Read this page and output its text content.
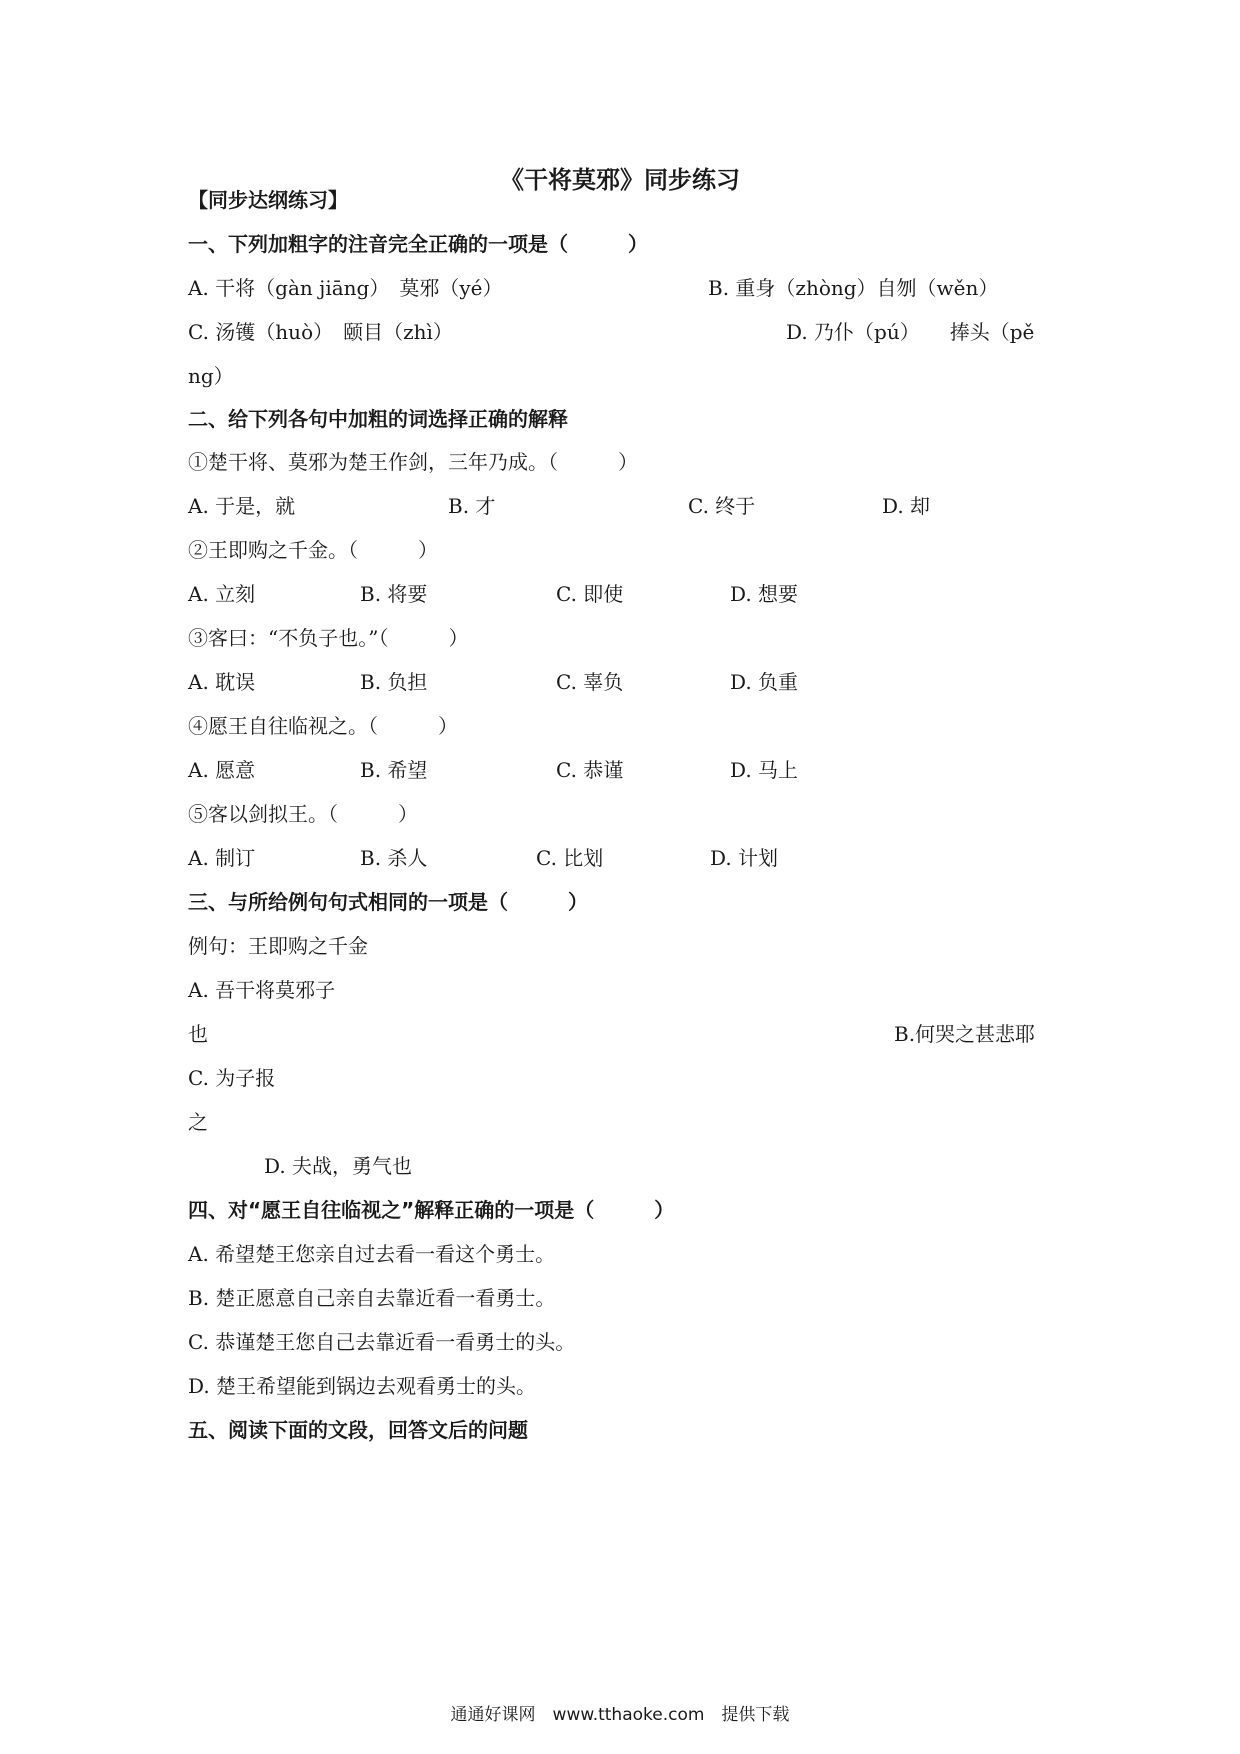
《干将莫邪》同步练习
【同步达纲练习】
一、下列加粗字的注音完全正确的一项是（　　　）
A. 干将（gàn jiāng）　莫邪（yé）	B. 重身（zhòng）自刎（wěn）
C. 汤镬（huò）　颐目（zhì）	D. 乃仆（pú）　　捧头（pě
ng）
二、给下列各句中加粗的词选择正确的解释
①楚干将、莫邪为楚王作剑，三年乃成。（　　　）
A. 于是，就	B. 才	C. 终于	D. 却
②王即购之千金。（　　　）
A. 立刻	B. 将要	C. 即使	D. 想要
③客曰：“不负子也。”（　　　）
A. 耽误	B. 负担	C. 辜负	D. 负重
④愿王自往临视之。（　　　）
A. 愿意	B. 希望	C. 恭谨	D. 马上
⑤客以剑拟王。（　　　）
A. 制订	B. 杀人	C. 比划	D. 计划
三、与所给例句句式相同的一项是（　　　）
例句：王即购之千金
A. 吾干将莫邪子
也	B.何哭之甚悲耶
C. 为子报
之
D. 夫战，勇气也
四、对“愿王自往临视之”解释正确的一项是（　　　）
A. 希望楚王您亲自过去看一看这个勇士。
B. 楚正愿意自己亲自去靠近看一看勇士。
C. 恭谨楚王您自己去靠近看一看勇士的头。
D. 楚王希望能到锅边去观看勇士的头。
五、阅读下面的文段，回答文后的问题
通通好课网　www.tthaoke.com　提供下载
